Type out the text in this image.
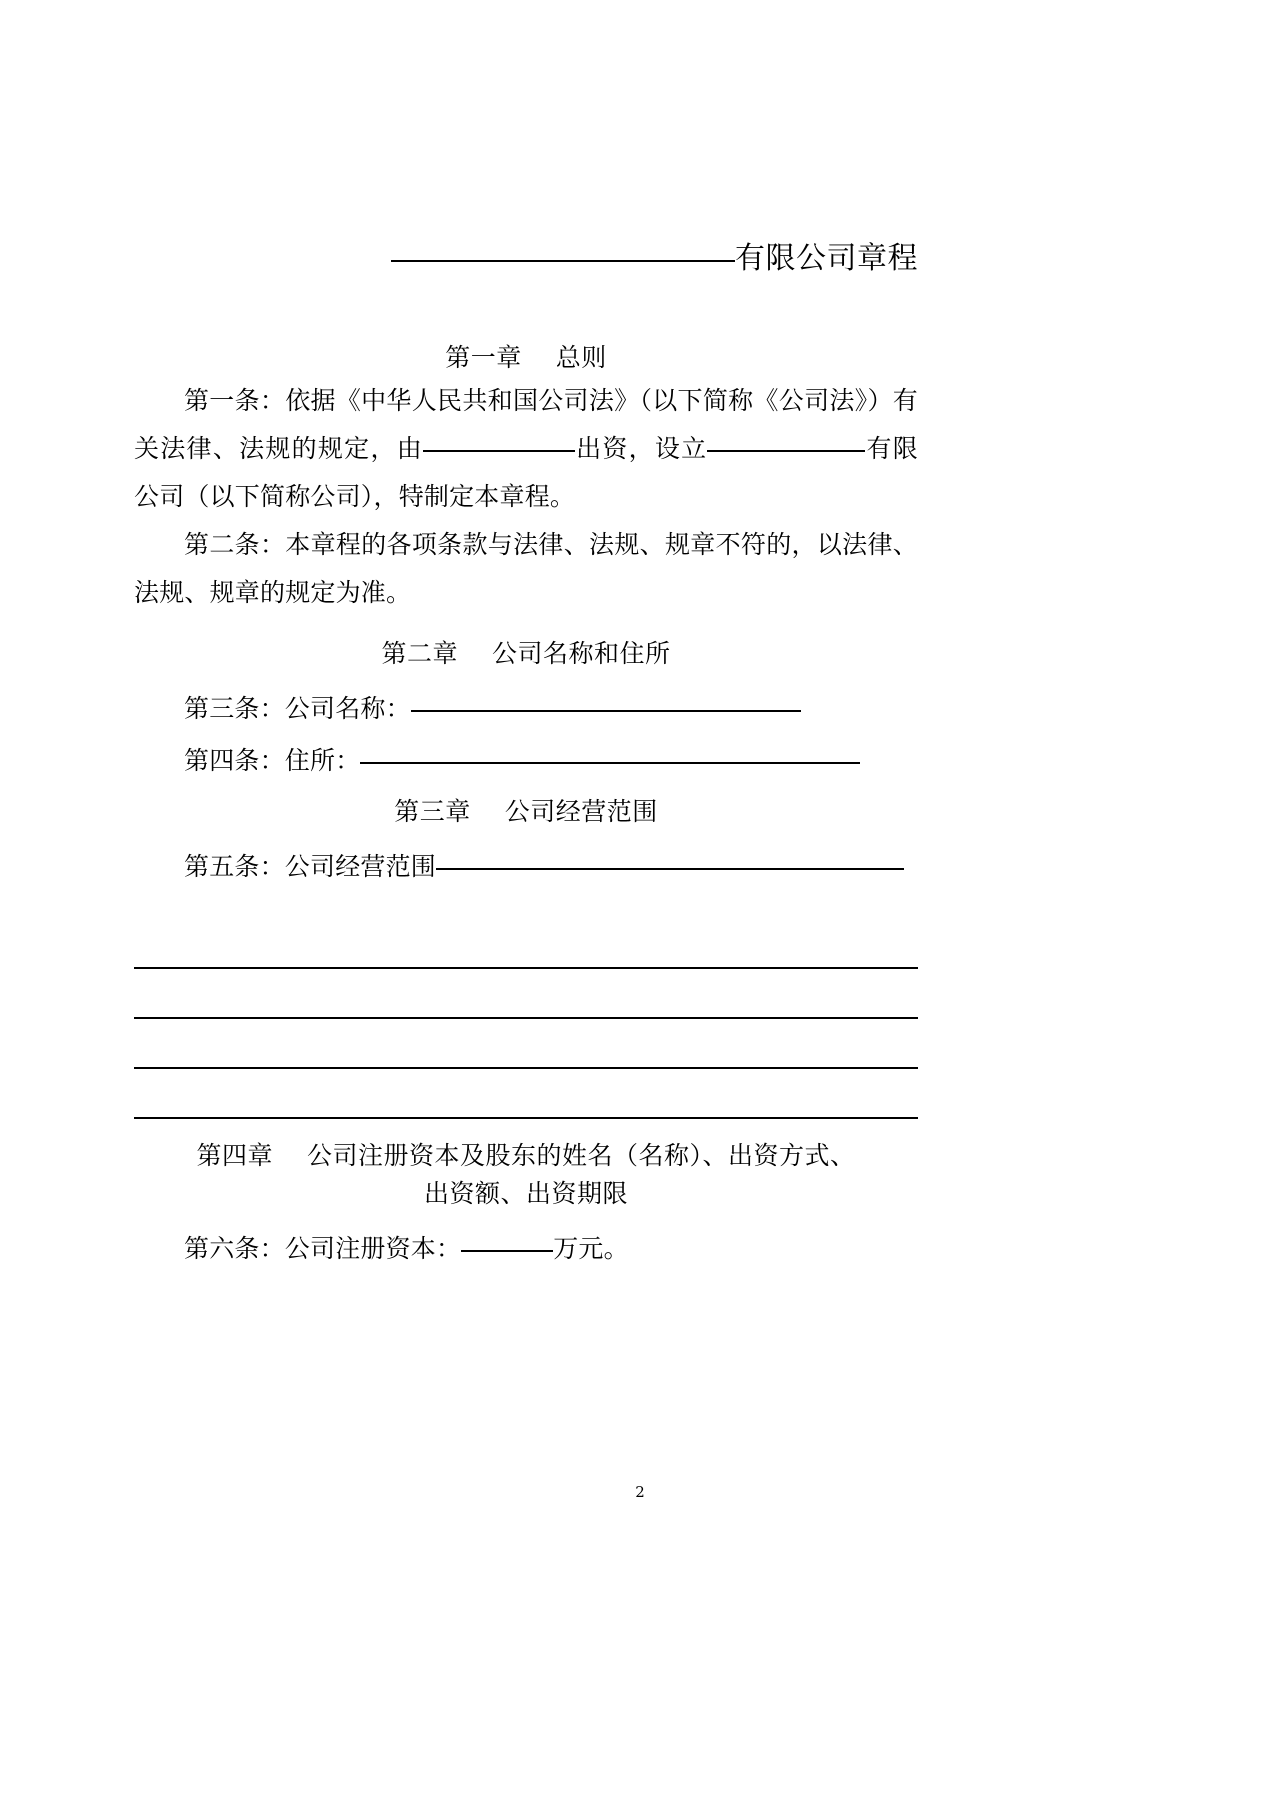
有限公司章程
第一章 总则
第一条：依据《中华人民共和国公司法》（以下简称《公司法》）有关法律、法规的规定，由	出资，设立	有限公司（以下简称公司），特制定本章程。
第二条：本章程的各项条款与法律、法规、规章不符的，以法律、法规、规章的规定为准。
第二章 公司名称和住所
第三条：公司名称：
第四条：住所：
第三章 公司经营范围
第五条：公司经营范围
第四章 公司注册资本及股东的姓名（名称）、出资方式、
出资额、出资期限
第六条：公司注册资本：	万元。
2
